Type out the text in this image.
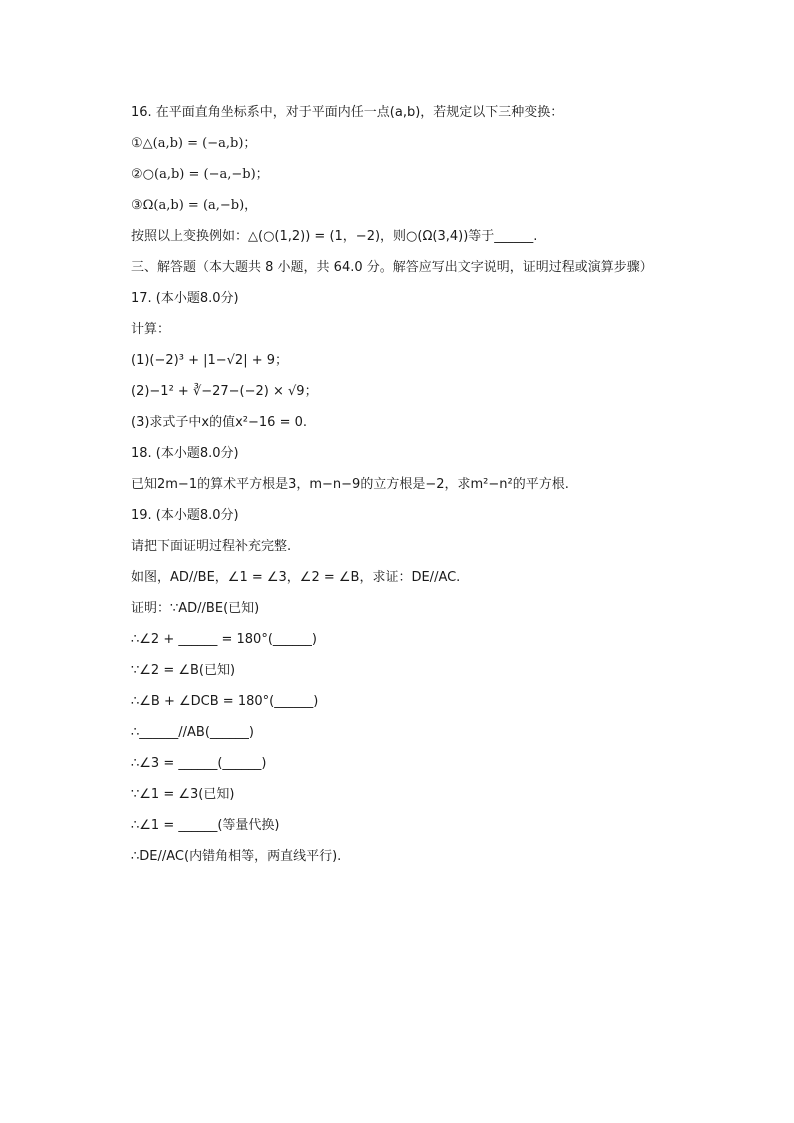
16. 在平面直角坐标系中，对于平面内任一点(a,b)，若规定以下三种变换：
①△(a,b) = (−a,b)；
②○(a,b) = (−a,−b)；
③Ω(a,b) = (a,−b)，
按照以上变换例如：△(○(1,2)) = (1，−2)，则○(Ω(3,4))等于______.
三、解答题（本大题共 8 小题，共 64.0 分。解答应写出文字说明，证明过程或演算步骤）
17. (本小题8.0分)
计算：
(1)(−2)³ + |1−√2| + 9；
(2)−1² + ∛−27−(−2) × √9；
(3)求式子中x的值x²−16 = 0.
18. (本小题8.0分)
已知2m−1的算术平方根是3，m−n−9的立方根是−2，求m²−n²的平方根.
19. (本小题8.0分)
请把下面证明过程补充完整.
如图，AD//BE，∠1 = ∠3，∠2 = ∠B，求证：DE//AC.
证明：∵AD//BE(已知)
∴∠2 + ______ = 180°(______)
∵∠2 = ∠B(已知)
∴∠B + ∠DCB = 180°(______)
∴______//AB(______)
∴∠3 = ______(______)
∵∠1 = ∠3(已知)
∴∠1 = ______(等量代换)
∴DE//AC(内错角相等，两直线平行).
